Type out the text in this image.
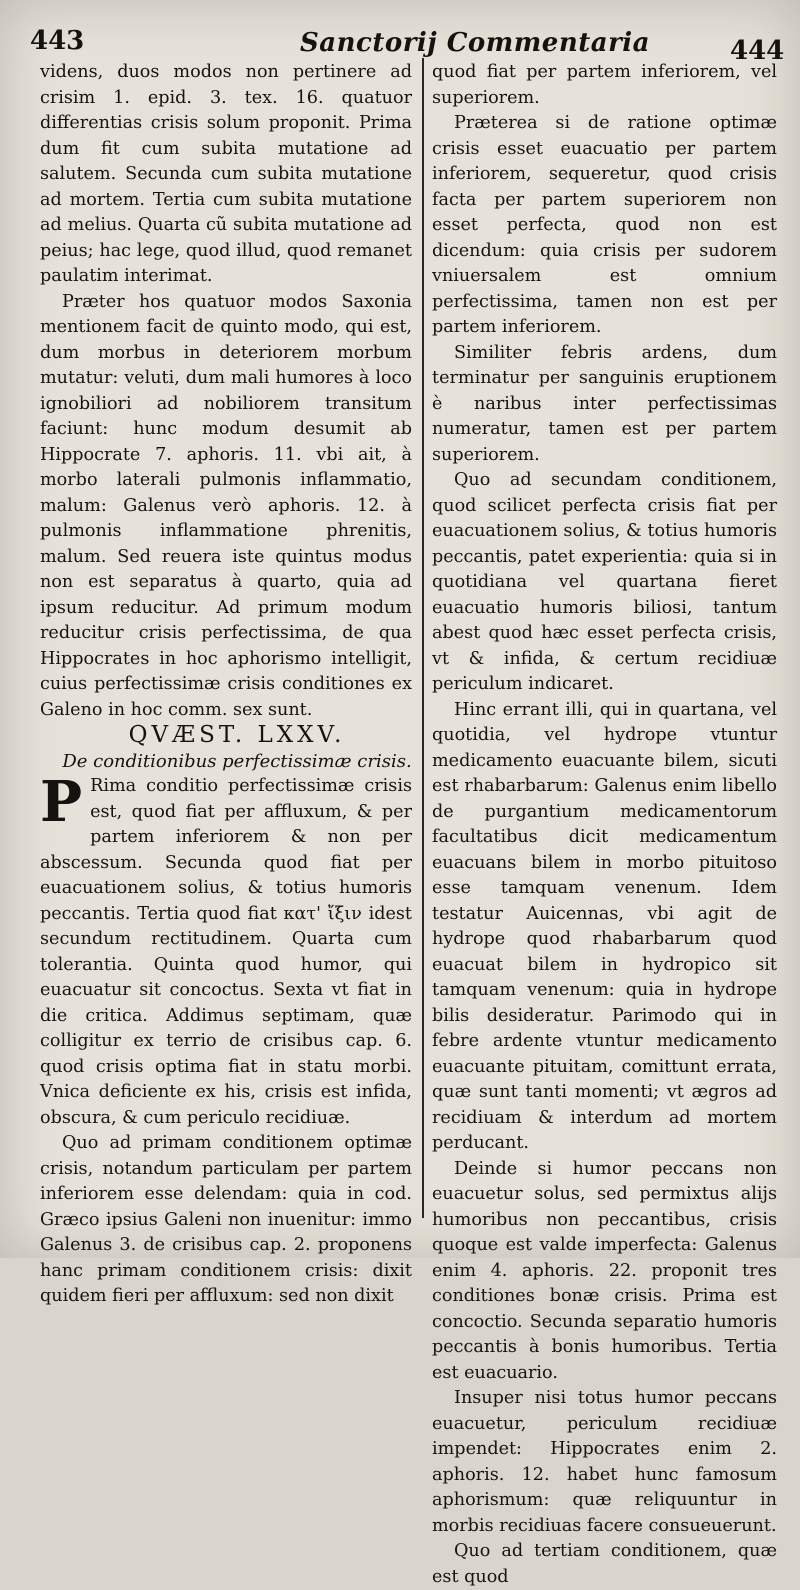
443	Sanctorij Commentaria	444

videns, duos modos non pertinere ad crisim 1. epid. 3. tex. 16. quatuor differentias crisis solum proponit. Prima dum fit cum subita mutatione ad salutem. Secunda cum subita mutatione ad mortem. Tertia cum subita mutatione ad melius. Quarta cũ subita mutatione ad peius; hac lege, quod illud, quod remanet paulatim interimat.

Præter hos quatuor modos Saxonia mentionem facit de quinto modo, qui est, dum morbus in deteriorem morbum mutatur: veluti, dum mali humores à loco ignobiliori ad nobiliorem transitum faciunt: hunc modum desumit ab Hippocrate 7. aphoris. 11. vbi ait, à morbo laterali pulmonis inflammatio, malum: Galenus verò aphoris. 12. à pulmonis inflammatione phrenitis, malum. Sed reuera iste quintus modus non est separatus à quarto, quia ad ipsum reducitur. Ad primum modum reducitur crisis perfectissima, de qua Hippocrates in hoc aphorismo intelligit, cuius perfectissimæ crisis conditiones ex Galeno in hoc comm. sex sunt.

QVÆST. LXXV.

De conditionibus perfectissimæ crisis.

P Rima conditio perfectissimæ crisis est, quod fiat per affluxum, & per partem inferiorem & non per abscessum. Secunda quod fiat per euacuationem solius, & totius humoris peccantis. Tertia quod fiat κατ' ἴξιν idest secundum rectitudinem. Quarta cum tolerantia. Quinta quod humor, qui euacuatur sit concoctus. Sexta vt fiat in die critica. Addimus septimam, quæ colligitur ex terrio de crisibus cap. 6. quod crisis optima fiat in statu morbi. Vnica deficiente ex his, crisis est infida, obscura, & cum periculo recidiuæ.

Quo ad primam conditionem optimæ crisis, notandum particulam per partem inferiorem esse delendam: quia in cod. Græco ipsius Galeni non inuenitur: immo Galenus 3. de crisibus cap. 2. proponens hanc primam conditionem crisis: dixit quidem fieri per affluxum: sed non dixit

quod fiat per partem inferiorem, vel superiorem.

Præterea si de ratione optimæ crisis esset euacuatio per partem inferiorem, sequeretur, quod crisis facta per partem superiorem non esset perfecta, quod non est dicendum: quia crisis per sudorem vniuersalem est omnium perfectissima, tamen non est per partem inferiorem.

Similiter febris ardens, dum terminatur per sanguinis eruptionem è naribus inter perfectissimas numeratur, tamen est per partem superiorem.

Quo ad secundam conditionem, quod scilicet perfecta crisis fiat per euacuationem solius, & totius humoris peccantis, patet experientia: quia si in quotidiana vel quartana fieret euacuatio humoris biliosi, tantum abest quod hæc esset perfecta crisis, vt & infida, & certum recidiuæ periculum indicaret.

Hinc errant illi, qui in quartana, vel quotidia, vel hydrope vtuntur medicamento euacuante bilem, sicuti est rhabarbarum: Galenus enim libello de purgantium medicamentorum facultatibus dicit medicamentum euacuans bilem in morbo pituitoso esse tamquam venenum. Idem testatur Auicennas, vbi agit de hydrope quod rhabarbarum quod euacuat bilem in hydropico sit tamquam venenum: quia in hydrope bilis desideratur. Parimodo qui in febre ardente vtuntur medicamento euacuante pituitam, comittunt errata, quæ sunt tanti momenti; vt ægros ad recidiuam & interdum ad mortem perducant.

Deinde si humor peccans non euacuetur solus, sed permixtus alijs humoribus non peccantibus, crisis quoque est valde imperfecta: Galenus enim 4. aphoris. 22. proponit tres conditiones bonæ crisis. Prima est concoctio. Secunda separatio humoris peccantis à bonis humoribus. Tertia est euacuario.

Insuper nisi totus humor peccans euacuetur, periculum recidiuæ impendet: Hippocrates enim 2. aphoris. 12. habet hunc famosum aphorismum: quæ reliquuntur in morbis recidiuas facere consueuerunt.

Quo ad tertiam conditionem, quæ est quod
